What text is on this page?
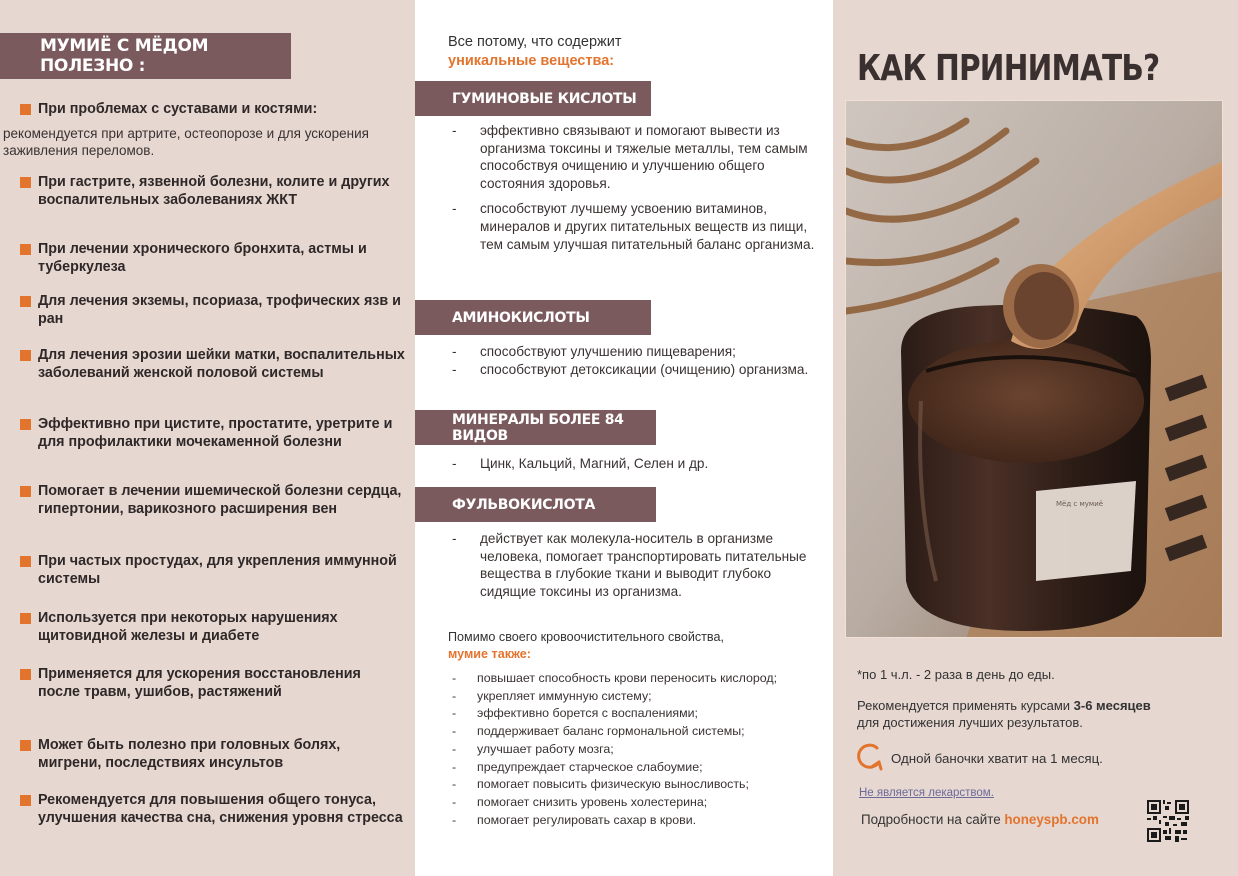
МУМИЁ С МЁДОМ ПОЛЕЗНО :
При проблемах с суставами и костями:
рекомендуется при артрите, остеопорозе и для ускорения заживления переломов.
При гастрите, язвенной болезни, колите и других воспалительных заболеваниях ЖКТ
При лечении хронического бронхита, астмы и туберкулеза
Для лечения экземы, псориаза, трофических язв и ран
Для лечения эрозии шейки матки, воспалительных заболеваний женской половой системы
Эффективно при цистите, простатите, уретрите и для профилактики мочекаменной болезни
Помогает в лечении ишемической болезни сердца, гипертонии, варикозного расширения вен
При частых простудах, для укрепления иммунной системы
Используется при некоторых нарушениях щитовидной железы и диабете
Применяется для ускорения восстановления после травм, ушибов, растяжений
Может быть полезно при головных болях, мигрени, последствиях инсультов
Рекомендуется для повышения общего тонуса, улучшения качества сна, снижения уровня стресса
Все потому, что содержит
уникальные вещества:
ГУМИНОВЫЕ КИСЛОТЫ
- эффективно связывают и помогают вывести из организма токсины и тяжелые металлы, тем самым способствуя очищению и улучшению общего состояния здоровья.
- способствуют лучшему усвоению витаминов, минералов и других питательных веществ из пищи, тем самым улучшая питательный баланс организма.
АМИНОКИСЛОТЫ
- способствуют улучшению пищеварения;
- способствуют детоксикации (очищению) организма.
МИНЕРАЛЫ БОЛЕЕ 84 ВИДОВ
- Цинк, Кальций, Магний, Селен и др.
ФУЛЬВОКИСЛОТА
- действует как молекула-носитель в организме человека, помогает транспортировать питательные вещества в глубокие ткани и выводит глубоко сидящие токсины из организма.
Помимо своего кровоочистительного свойства,
мумие также:
- повышает способность крови переносить кислород;
- укрепляет иммунную систему;
- эффективно борется с воспалениями;
- поддерживает баланс гормональной системы;
- улучшает работу мозга;
- предупреждает старческое слабоумие;
- помогает повысить физическую выносливость;
- помогает снизить уровень холестерина;
- помогает регулировать сахар в крови.
КАК ПРИНИМАТЬ?
Мёд с мумиё
*по 1 ч.л. - 2 раза в день до еды.
Рекомендуется применять курсами 3-6 месяцев
для достижения лучших результатов.
Одной баночки хватит на 1 месяц.
Не является лекарством.
Подробности на сайте honeyspb.com
